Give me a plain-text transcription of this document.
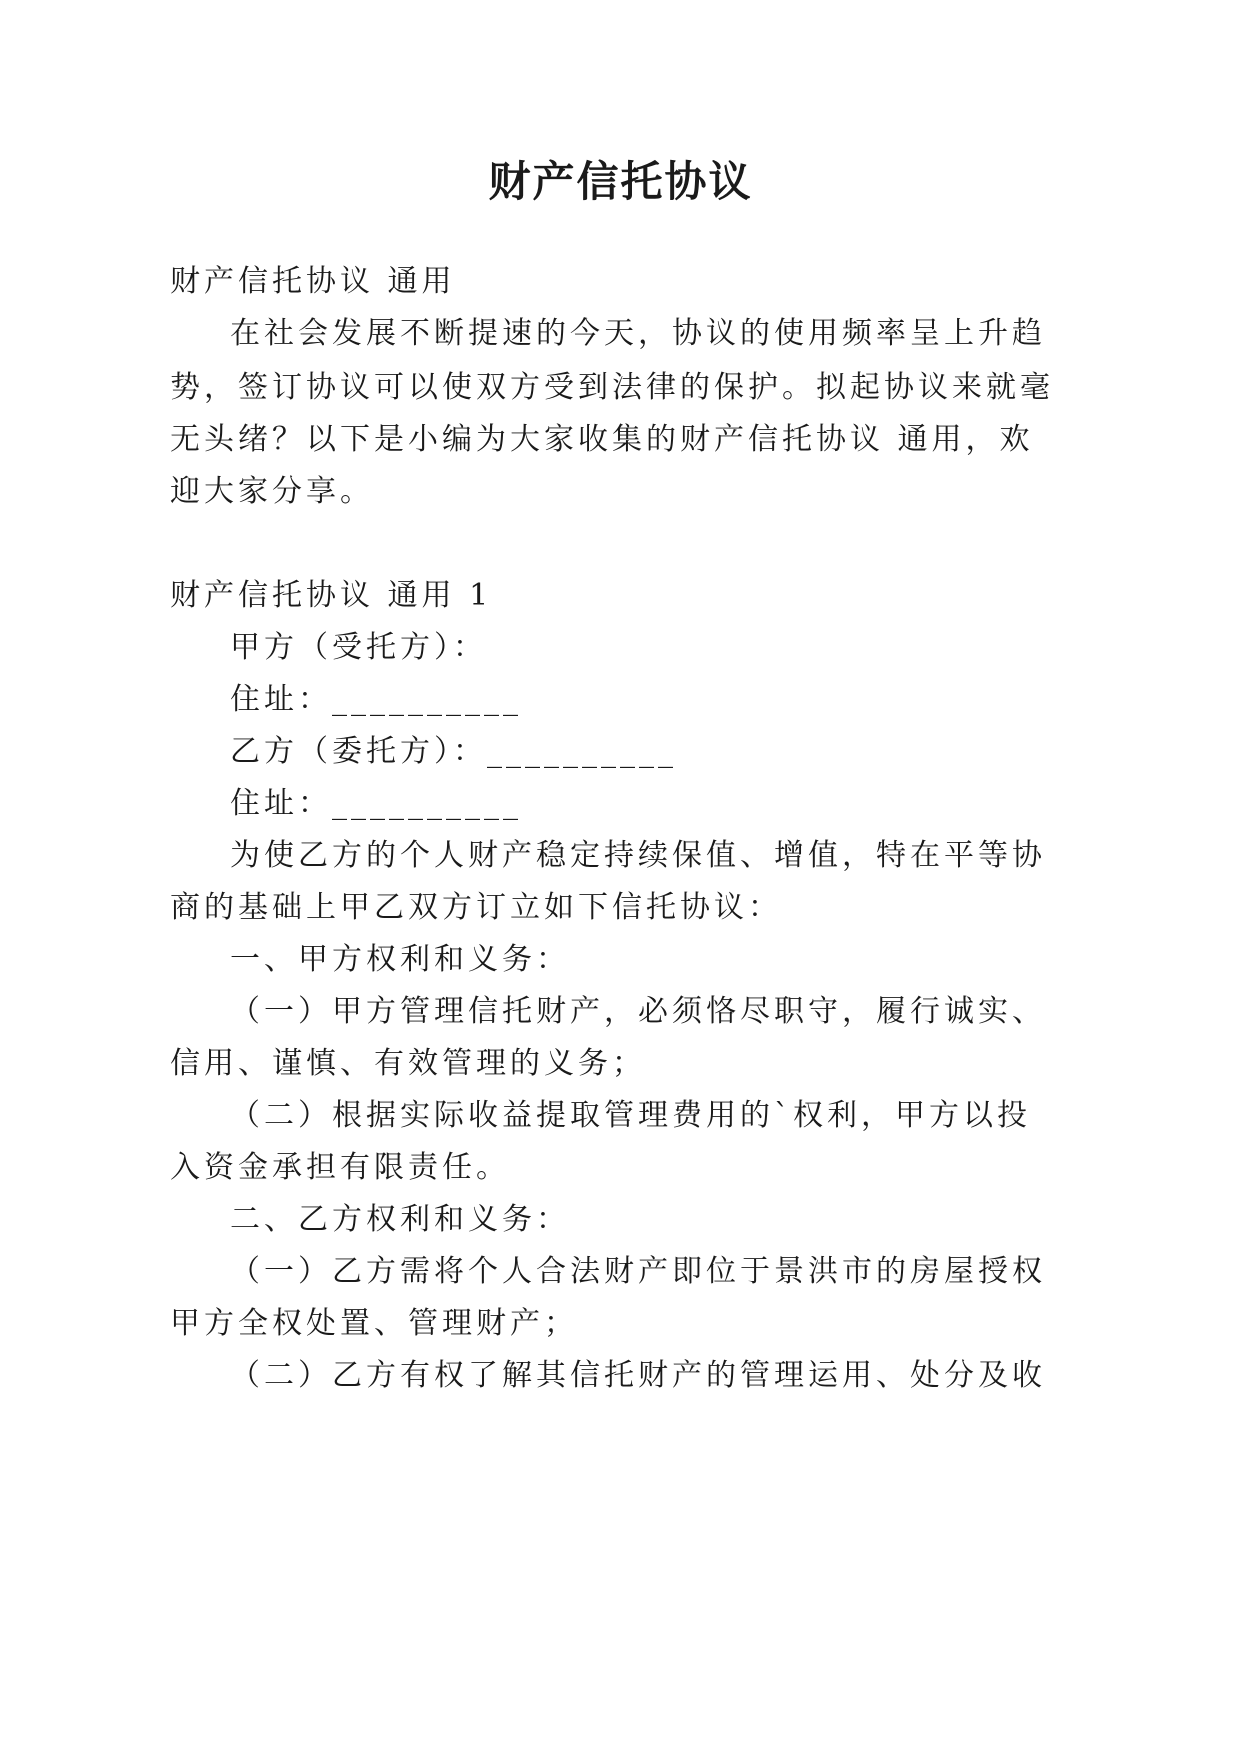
财产信托协议
财产信托协议 通用
在社会发展不断提速的今天，协议的使用频率呈上升趋
势，签订协议可以使双方受到法律的保护。拟起协议来就毫
无头绪？以下是小编为大家收集的财产信托协议 通用，欢
迎大家分享。
财产信托协议 通用 1
甲方（受托方）：
住址：__________
乙方（委托方）：__________
住址：__________
为使乙方的个人财产稳定持续保值、增值，特在平等协
商的基础上甲乙双方订立如下信托协议：
一、甲方权利和义务：
（一）甲方管理信托财产，必须恪尽职守，履行诚实、
信用、谨慎、有效管理的义务；
（二）根据实际收益提取管理费用的`权利，甲方以投
入资金承担有限责任。
二、乙方权利和义务：
（一）乙方需将个人合法财产即位于景洪市的房屋授权
甲方全权处置、管理财产；
（二）乙方有权了解其信托财产的管理运用、处分及收
